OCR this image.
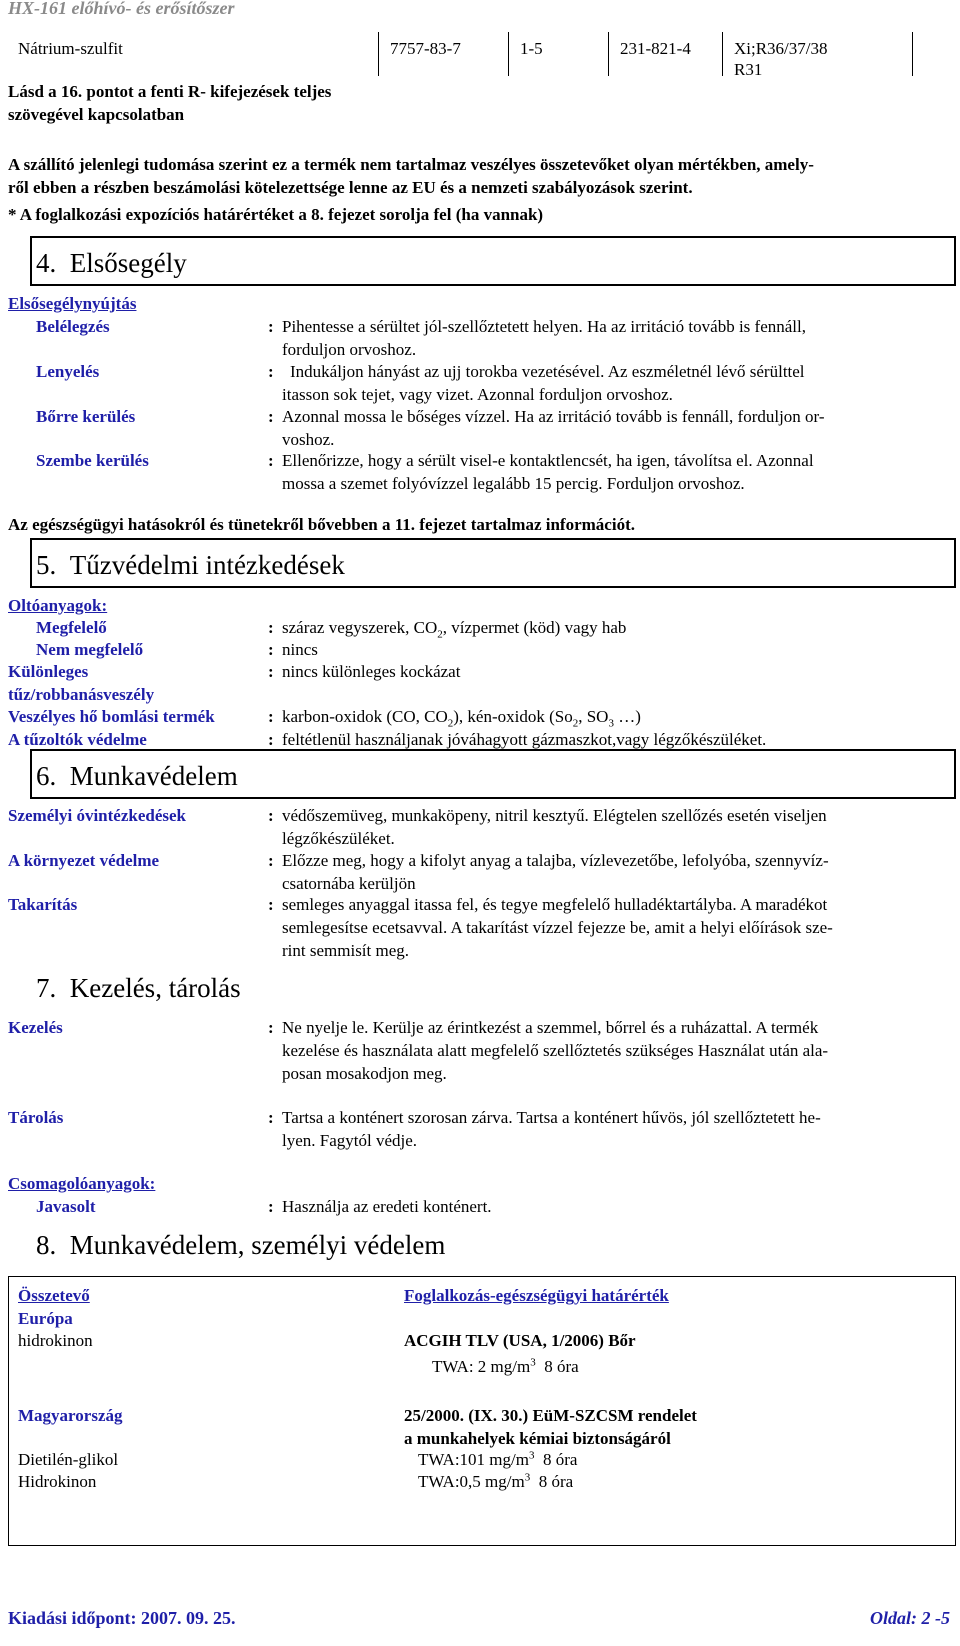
HX-161 előhívó- és erősítőszer
Nátrium-szulfit	7757-83-7	1-5	231-821-4	Xi;R36/37/38
R31
Lásd a 16. pontot a fenti R- kifejezések teljes
szövegével kapcsolatban
A szállító jelenlegi tudomása szerint ez a termék nem tartalmaz veszélyes összetevőket olyan mértékben, amely-
ről ebben a részben beszámolási kötelezettsége lenne az EU és a nemzeti szabályozások szerint.
* A foglalkozási expozíciós határértéket a 8. fejezet sorolja fel (ha vannak)
4. Elsősegély
Elsősegélynyújtás
Belélegzés	: Pihentesse a sérültet jól-szellőztetett helyen. Ha az irritáció tovább is fennáll,
forduljon orvoshoz.
Lenyelés	: Indukáljon hányást az ujj torokba vezetésével. Az eszméletnél lévő sérülttel
itasson sok tejet, vagy vizet. Azonnal forduljon orvoshoz.
Bőrre kerülés	: Azonnal mossa le bőséges vízzel. Ha az irritáció tovább is fennáll, forduljon or-
voshoz.
Szembe kerülés	: Ellenőrizze, hogy a sérült visel-e kontaktlencsét, ha igen, távolítsa el. Azonnal
mossa a szemet folyóvízzel legalább 15 percig. Forduljon orvoshoz.
Az egészségügyi hatásokról és tünetekről bővebben a 11. fejezet tartalmaz információt.
5. Tűzvédelmi intézkedések
Oltóanyagok:
Megfelelő	: száraz vegyszerek, $CO_2$, vízpermet (köd) vagy hab
Nem megfelelő	: nincs
Különleges
tűz/robbanásveszély
: nincs különleges kockázat
Veszélyes hő bomlási termék	: karbon-oxidok (CO, $CO_2$), kén-oxidok ($So_2$, $SO_3$ …)
A tűzoltók védelme	: feltétlenül használjanak jóváhagyott gázmaszkot,vagy légzőkészüléket.
6. Munkavédelem
Személyi óvintézkedések	: védőszemüveg, munkaköpeny, nitril kesztyű. Elégtelen szellőzés esetén viseljen
légzőkészüléket.
A környezet védelme	: Előzze meg, hogy a kifolyt anyag a talajba, vízlevezetőbe, lefolyóba, szennyvíz-
csatornába kerüljön
Takarítás	: semleges anyaggal itassa fel, és tegye megfelelő hulladéktartályba. A maradékot
semlegesítse ecetsavval. A takarítást vízzel fejezze be, amit a helyi előírások sze-
rint semmisít meg.
7. Kezelés, tárolás
Kezelés	: Ne nyelje le. Kerülje az érintkezést a szemmel, bőrrel és a ruházattal. A termék
kezelése és használata alatt megfelelő szellőztetés szükséges Használat után ala-
posan mosakodjon meg.
Tárolás	: Tartsa a konténert szorosan zárva. Tartsa a konténert hűvös, jól szellőztetett he-
lyen. Fagytól védje.
Csomagolóanyagok:
Javasolt	: Használja az eredeti konténert.
8. Munkavédelem, személyi védelem
Összetevő	Foglalkozás-egészségügyi határérték
Európa
hidrokinon	ACGIH TLV (USA, 1/2006) Bőr
TWA: 2 $mg/m^3$ 8 óra
Magyarország	25/2000. (IX. 30.) EüM-SZCSM rendelet
a munkahelyek kémiai biztonságáról
Dietilén-glikol	TWA:101 $mg/m^3$ 8 óra
Hidrokinon	TWA:0,5 $mg/m^3$ 8 óra
Kiadási időpont: 2007. 09. 25.	Oldal: 2 -5
